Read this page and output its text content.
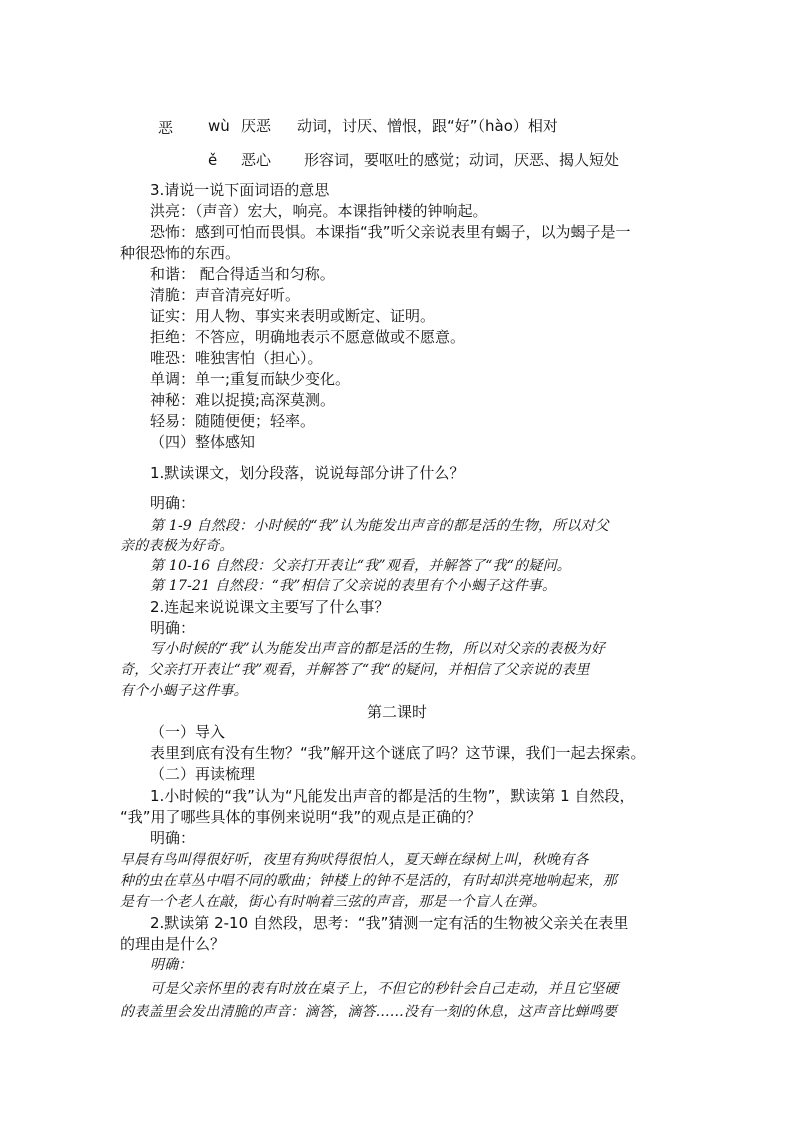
恶 wù 厌恶 动词，讨厌、憎恨，跟“好”（hào）相对
ě 恶心 形容词，要呕吐的感觉；动词，厌恶、揭人短处
3.请说一说下面词语的意思
洪亮：（声音）宏大，响亮。本课指钟楼的钟响起。
恐怖：感到可怕而畏惧。本课指“我”听父亲说表里有蝎子，以为蝎子是一
种很恐怖的东西。
和谐： 配合得适当和匀称。
清脆：声音清亮好听。
证实：用人物、事实来表明或断定、证明。
拒绝：不答应，明确地表示不愿意做或不愿意。
唯恐：唯独害怕（担心）。
单调：单一;重复而缺少变化。
神秘：难以捉摸;高深莫测。
轻易：随随便便；轻率。
（四）整体感知
1.默读课文，划分段落，说说每部分讲了什么？
明确：
第 1-9 自然段：小时候的“我”认为能发出声音的都是活的生物，所以对父
亲的表极为好奇。
第 10-16 自然段：父亲打开表让“我”观看，并解答了“我“的疑问。
第 17-21 自然段：“我”相信了父亲说的表里有个小蝎子这件事。
2.连起来说说课文主要写了什么事？
明确：
写小时候的“我”认为能发出声音的都是活的生物，所以对父亲的表极为好
奇，父亲打开表让“我”观看，并解答了“我“的疑问，并相信了父亲说的表里
有个小蝎子这件事。
第二课时
（一）导入
表里到底有没有生物？“我”解开这个谜底了吗？这节课，我们一起去探索。
（二）再读梳理
1.小时候的“我”认为“凡能发出声音的都是活的生物”，默读第 1 自然段，
“我”用了哪些具体的事例来说明“我”的观点是正确的？
明确：
早晨有鸟叫得很好听，夜里有狗吠得很怕人，夏天蝉在绿树上叫，秋晚有各
种的虫在草丛中唱不同的歌曲；钟楼上的钟不是活的，有时却洪亮地响起来，那
是有一个老人在敲，街心有时响着三弦的声音，那是一个盲人在弹。
2.默读第 2-10 自然段，思考：“我”猜测一定有活的生物被父亲关在表里
的理由是什么？
明确：
可是父亲怀里的表有时放在桌子上，不但它的秒针会自己走动，并且它坚硬
的表盖里会发出清脆的声音：滴答，滴答……没有一刻的休息，这声音比蝉鸣要
